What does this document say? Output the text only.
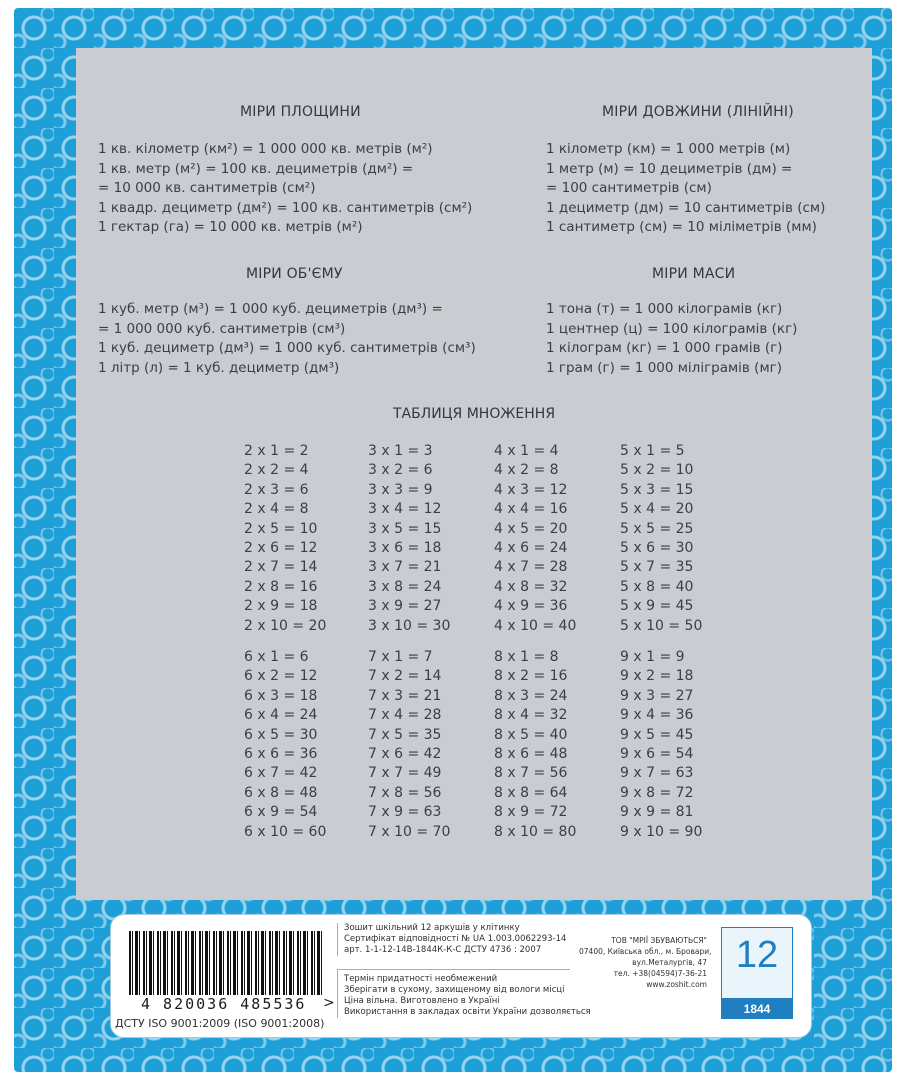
МІРИ ПЛОЩИНИ
1 кв. кілометр (км²) = 1 000 000 кв. метрів (м²)
1 кв. метр (м²) = 100 кв. дециметрів (дм²) =
= 10 000 кв. сантиметрів (см²)
1 квадр. дециметр (дм²) = 100 кв. сантиметрів (см²)
1 гектар (га) = 10 000 кв. метрів (м²)
МІРИ ДОВЖИНИ (ЛІНІЙНІ)
1 кілометр (км) = 1 000 метрів (м)
1 метр (м) = 10 дециметрів (дм) =
= 100 сантиметрів (см)
1 дециметр (дм) = 10 сантиметрів (см)
1 сантиметр (см) = 10 міліметрів (мм)
МІРИ ОБ'ЄМУ
1 куб. метр (м³) = 1 000 куб. дециметрів (дм³) =
= 1 000 000 куб. сантиметрів (см³)
1 куб. дециметр (дм³) = 1 000 куб. сантиметрів (см³)
1 літр (л) = 1 куб. дециметр (дм³)
МІРИ МАСИ
1 тона (т) = 1 000 кілограмів (кг)
1 центнер (ц) = 100 кілограмів (кг)
1 кілограм (кг) = 1 000 грамів (г)
1 грам (г) = 1 000 міліграмів (мг)
ТАБЛИЦЯ МНОЖЕННЯ
2 x 1 = 2
2 x 2 = 4
2 x 3 = 6
2 x 4 = 8
2 x 5 = 10
2 x 6 = 12
2 x 7 = 14
2 x 8 = 16
2 x 9 = 18
2 x 10 = 20
3 x 1 = 3
3 x 2 = 6
3 x 3 = 9
3 x 4 = 12
3 x 5 = 15
3 x 6 = 18
3 x 7 = 21
3 x 8 = 24
3 x 9 = 27
3 x 10 = 30
4 x 1 = 4
4 x 2 = 8
4 x 3 = 12
4 x 4 = 16
4 x 5 = 20
4 x 6 = 24
4 x 7 = 28
4 x 8 = 32
4 x 9 = 36
4 x 10 = 40
5 x 1 = 5
5 x 2 = 10
5 x 3 = 15
5 x 4 = 20
5 x 5 = 25
5 x 6 = 30
5 x 7 = 35
5 x 8 = 40
5 x 9 = 45
5 x 10 = 50
6 x 1 = 6
6 x 2 = 12
6 x 3 = 18
6 x 4 = 24
6 x 5 = 30
6 x 6 = 36
6 x 7 = 42
6 x 8 = 48
6 x 9 = 54
6 x 10 = 60
7 x 1 = 7
7 x 2 = 14
7 x 3 = 21
7 x 4 = 28
7 x 5 = 35
7 x 6 = 42
7 x 7 = 49
7 x 8 = 56
7 x 9 = 63
7 x 10 = 70
8 x 1 = 8
8 x 2 = 16
8 x 3 = 24
8 x 4 = 32
8 x 5 = 40
8 x 6 = 48
8 x 7 = 56
8 x 8 = 64
8 x 9 = 72
8 x 10 = 80
9 x 1 = 9
9 x 2 = 18
9 x 3 = 27
9 x 4 = 36
9 x 5 = 45
9 x 6 = 54
9 x 7 = 63
9 x 8 = 72
9 x 9 = 81
9 x 10 = 90
4 820036 485536 >
ДСТУ ISO 9001:2009 (ISO 9001:2008)
Зошит шкільний 12 аркушів у клітинку
Сертифікат відповідності № UA 1.003.0062293-14
арт. 1-1-12-14В-1844К-К-С ДСТУ 4736 : 2007
Термін придатності необмежений
Зберігати в сухому, захищеному від вологи місці
Ціна вільна. Виготовлено в Україні
Використання в закладах освіти України дозволяється
ТОВ "МРІЇ ЗБУВАЮТЬСЯ"
07400, Київська обл., м. Бровари,
вул.Металургів, 47
тел. +38(04594)7-36-21
www.zoshit.com
12
1844
